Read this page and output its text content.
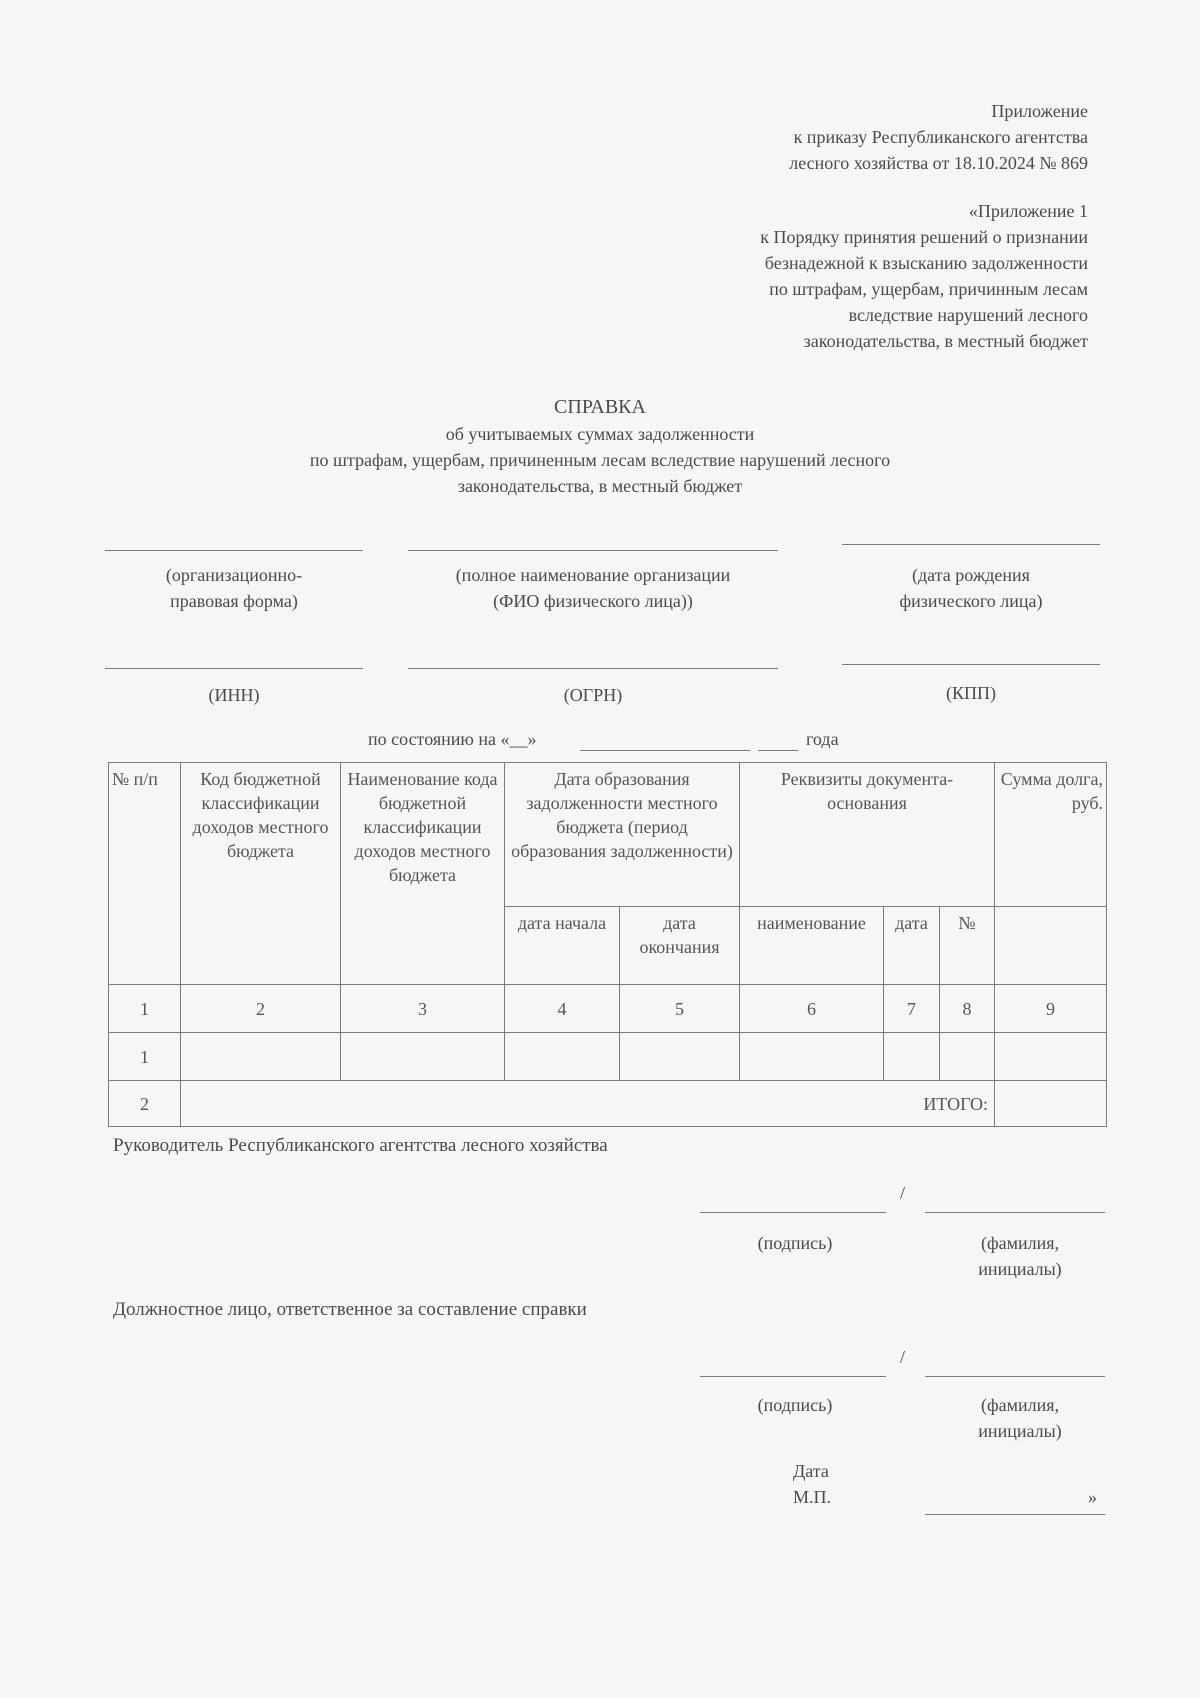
Приложение
к приказу Республиканского агентства
лесного хозяйства от 18.10.2024 № 869
«Приложение 1
к Порядку принятия решений о признании
безнадежной к взысканию задолженности
по штрафам, ущербам, причинным лесам
вследствие нарушений лесного
законодательства, в местный бюджет
СПРАВКА
об учитываемых суммах задолженности
по штрафам, ущербам, причиненным лесам вследствие нарушений лесного
законодательства, в местный бюджет
(организационно-
правовая форма)
(полное наименование организации
(ФИО физического лица))
(дата рождения
физического лица)
(ИНН)	(ОГРН)	(КПП)
по состоянию на «__»	года
№ п/п	Код бюджетной классификации доходов местного бюджета	Наименование кода бюджетной классификации доходов местного бюджета	Дата образования задолженности местного бюджета (период образования задолженности)		Реквизиты документа-основания			Сумма долга, руб.
			дата начала	дата окончания	наименование	дата	№	
1	2	3	4	5	6	7	8	9
1								
2	ИТОГО:							
Руководитель Республиканского агентства лесного хозяйства
/
(подпись)	(фамилия,
инициалы)
Должностное лицо, ответственное за составление справки
/
(подпись)	(фамилия,
инициалы)
Дата
М.П.	»
